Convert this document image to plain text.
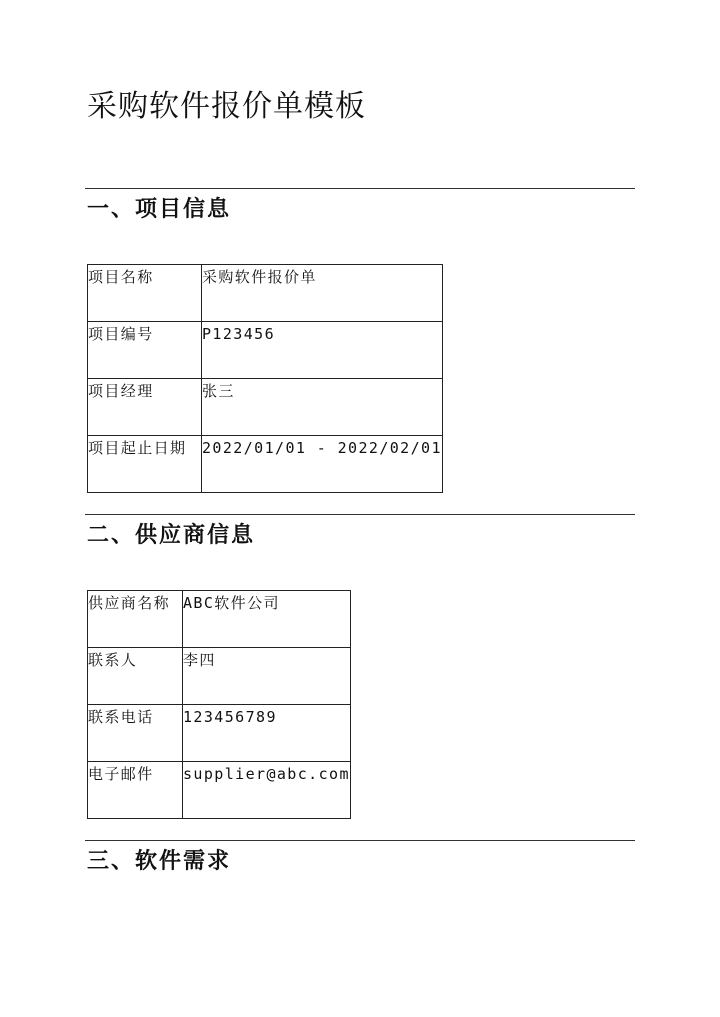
采购软件报价单模板
一、项目信息
项目名称	采购软件报价单

项目编号	P123456

项目经理	张三

项目起止日期	2022/01/01 - 2022/02/01
二、供应商信息
供应商名称	ABC软件公司

联系人	李四

联系电话	123456789

电子邮件	supplier@abc.com
三、软件需求
